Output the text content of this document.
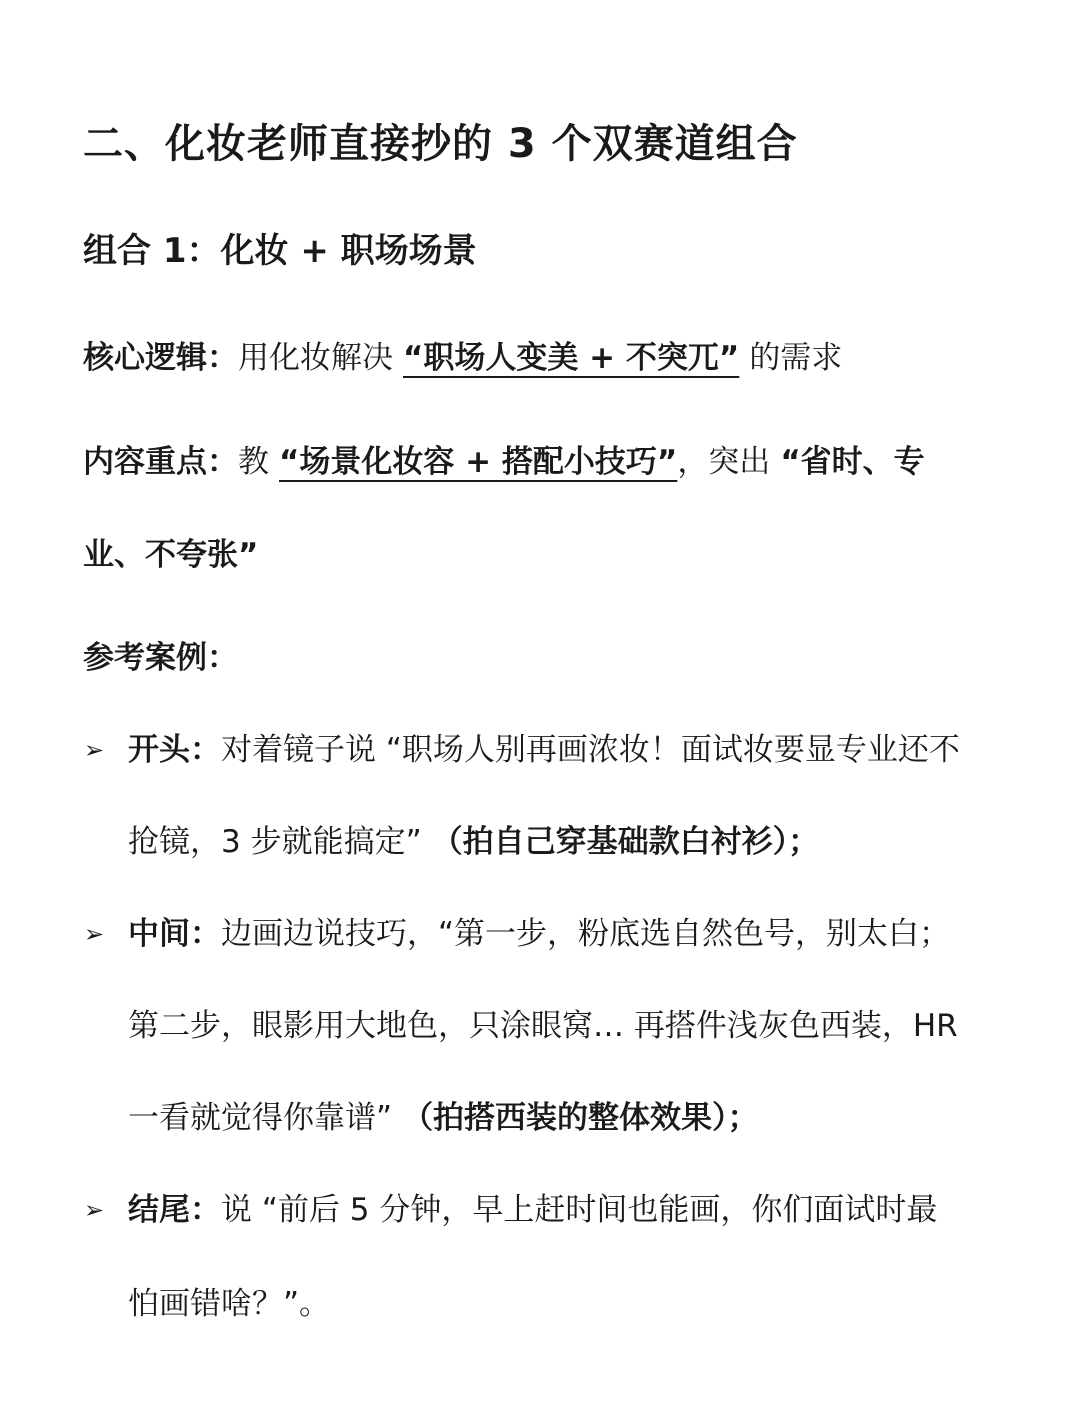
二、化妆老师直接抄的 3 个双赛道组合
组合 1：化妆 + 职场场景
核心逻辑：用化妆解决 “职场人变美 + 不突兀” 的需求
内容重点：教 “场景化妆容 + 搭配小技巧”，突出 “省时、专
业、不夸张”
参考案例：
➢ 开头：对着镜子说 “职场人别再画浓妆！面试妆要显专业还不
抢镜，3 步就能搞定” （拍自己穿基础款白衬衫）；
➢ 中间：边画边说技巧，“第一步，粉底选自然色号，别太白；
第二步，眼影用大地色，只涂眼窝… 再搭件浅灰色西装，HR
一看就觉得你靠谱” （拍搭西装的整体效果）；
➢ 结尾：说 “前后 5 分钟，早上赶时间也能画，你们面试时最
怕画错啥？”。
